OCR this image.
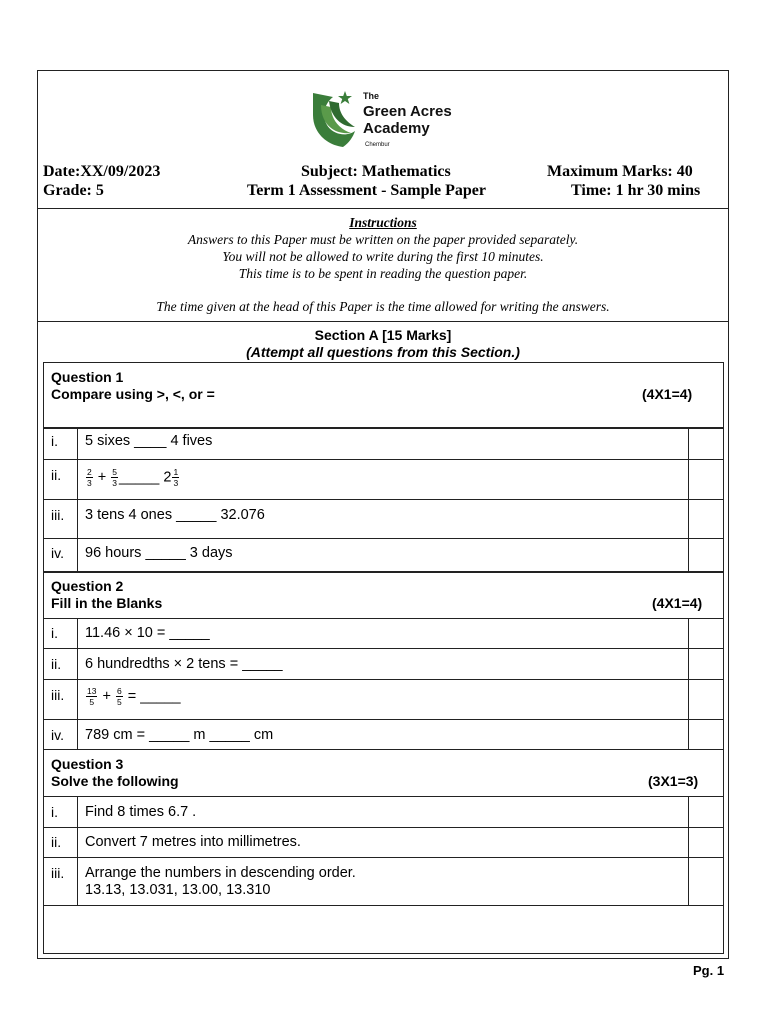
The
Green Acres
Academy
Chembur
Date:XX/09/2023	Subject: Mathematics	Maximum Marks: 40
Grade: 5	Term 1 Assessment - Sample Paper	Time: 1 hr 30 mins
Instructions
Answers to this Paper must be written on the paper provided separately.
You will not be allowed to write during the first 10 minutes.
This time is to be spent in reading the question paper.
The time given at the head of this Paper is the time allowed for writing the answers.
Section A [15 Marks]
(Attempt all questions from this Section.)
Question 1
Compare using >, <, or =	(4X1=4)
i. 5 sixes ____ 4 fives
ii.	$\frac{2}{3} + \frac{5}{3}$ _____ $2 \frac{1}{3}$
iii. 3 tens 4 ones _____ 32.076
iv. 96 hours _____ 3 days
Question 2
Fill in the Blanks	(4X1=4)
i. 11.46 × 10 = _____
ii. 6 hundredths × 2 tens = _____
iii.	$\frac{13}{5} + \frac{6}{5}$ = _____
iv. 789 cm = _____ m _____ cm
Question 3
Solve the following	(3X1=3)
i. Find 8 times 6.7 .
ii. Convert 7 metres into millimetres.
iii. Arrange the numbers in descending order.
13.13, 13.031, 13.00, 13.310
Pg. 1
